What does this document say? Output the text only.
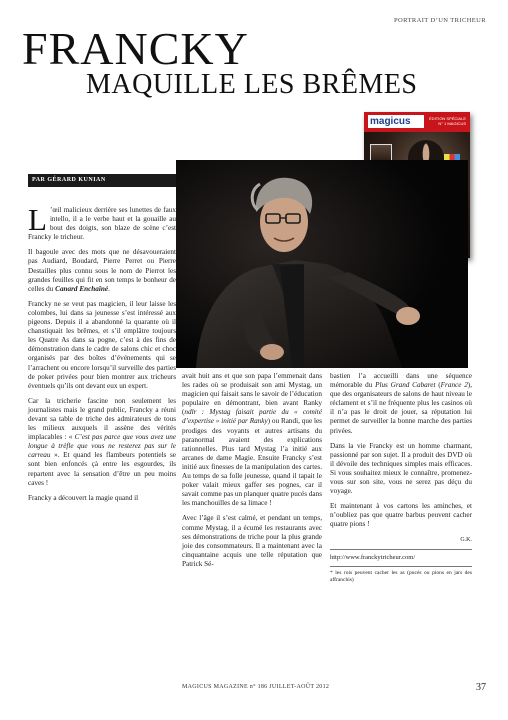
PORTRAIT D’UN TRICHEUR
FRANCKY
MAQUILLE LES BRÊMES
magicus	ÉDITION SPÉCIALE N° 1 MAGICUS
PAR GÉRARD KUNIAN

L ’œil malicieux derrière ses lunettes de faux intello, il a le verbe haut et la gouaille au bout des doigts, son blaze de scène c’est Francky le tricheur.

Il bagoule avec des mots que ne désavoueraient pas Audiard, Boudard, Pierre Perret ou Pierre Destailles plus connu sous le nom de Pierrot les grandes feuilles qui fit en son temps le bonheur de celles du Canard Enchaîné.

Francky ne se veut pas magicien, il leur laisse les colombes, lui dans sa jeunesse s’est intéressé aux pigeons. Depuis il a abandonné la quarante où il chanstiquait les brêmes, et s’il emplâtre toujours les Quatre As dans sa pogne, c’est à des fins de démonstration dans le cadre de salons chic et choc organisés par des boîtes d’événements qui se l’arrachent ou encore lorsqu’il surveille des parties de poker privées pour bien montrer aux tricheurs éventuels qu’ils ont devant eux un expert.

Car la tricherie fascine non seulement les journalistes mais le grand public, Francky a réuni devant sa table de triche des admirateurs de tous les milieux auxquels il assène des vérités implacables : « C’est pas parce que vous avez une longue à trèfle que vous ne resterez pas sur le carreau ». Et quand les flambeurs potentiels se sont bien enfoncés çà entre les esgourdes, ils repartent avec la sensation d’être un peu moins caves !

Francky a découvert la magie quand il

avait huit ans et que son papa l’emmenait dans les rades où se produisait son ami Mystag, un magicien qui faisait sans le savoir de l’éducation populaire en démontrant, bien avant Ranky (ndlr : Mystag faisait partie du « comité d’expertise » initié par Ranky) ou Randi, que les prodiges des voyants et autres artisans du paranormal avaient des explications rationnelles. Plus tard Mystag l’a initié aux arcanes de dame Magie. Ensuite Francky s’est initié aux finesses de la manipulation des cartes. Au temps de sa folle jeunesse, quand il tapait le poker valait mieux gaffer ses pognes, car il savait comme pas un planquer quatre pucés dans les manchouilles de sa limace !

Avec l’âge il s’est calmé, et pendant un temps, comme Mystag, il a écumé les restaurants avec ses démonstrations de triche pour la plus grande joie des consommateurs. Il a maintenant avec la cinquantaine acquis une telle réputation que Patrick Sé-

bastien l’a accueilli dans une séquence mémorable du Plus Grand Cabaret (France 2), que des organisateurs de salons de haut niveau le réclament et s’il ne fréquente plus les casinos où il n’a pas le droit de jouer, sa réputation lui permet de surveiller la bonne marche des parties privées.

Dans la vie Francky est un homme charmant, passionné par son sujet. Il a produit des DVD où il dévoile des techniques simples mais efficaces. Si vous souhaitez mieux le connaître, promenez-vous sur son site, vous ne serez pas déçu du voyage.

Et maintenant à vos cartons les aminches, et n’oubliez pas que quatre barbus peuvent cacher quatre pions !

G.K.
http://www.franckytricheur.com/
* les rois peuvent cacher les as (pucés ou pions en jars des affranchis)
MAGICUS MAGAZINE n° 186 JUILLET-AOÛT 2012	37
